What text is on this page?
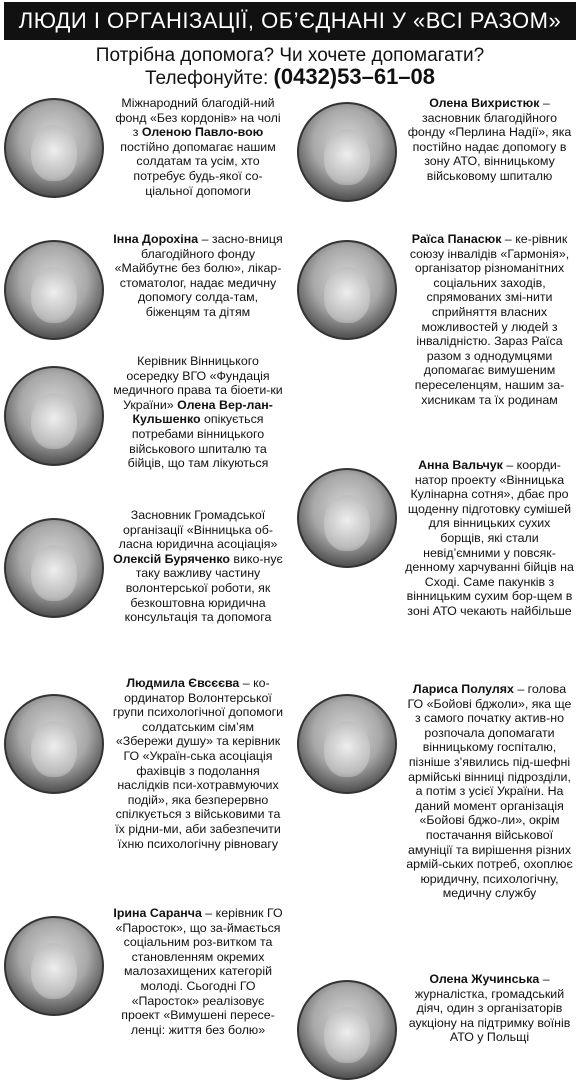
ЛЮДИ І ОРГАНІЗАЦІЇ, ОБ’ЄДНАНІ У «ВСІ РАЗОМ»
Потрібна допомога? Чи хочете допомагати?
Телефонуйте: (0432)53–61–08
Міжнародний благодій-ний фонд «Без кордонів» на чолі з Оленою Павло-вою постійно допомагає нашим солдатам та усім, хто потребує будь-якої со-ціальної допомоги
Інна Дорохіна – засно-вниця благодійного фонду «Майбутнє без болю», лікар-стоматолог, надає медичну допомогу солда-там, біженцям та дітям
Керівник Вінницького осередку ВГО «Фундація медичного права та біоети-ки України» Олена Вер-лан-Кульшенко опікується потребами вінницького військового шпиталю та бійців, що там лікуються
Засновник Громадської організації «Вінницька об-ласна юридична асоціація» Олексій Буряченко вико-нує таку важливу частину волонтерської роботи, як безкоштовна юридична консультація та допомога
Людмила Євсєєва – ко-ординатор Волонтерської групи психологічної допомоги солдатським сім’ям «Збережи душу» та керівник ГО «Україн-ська асоціація фахівців з подолання наслідків пси-хотравмуючих подій», яка безперервно спілкується з військовими та їх рідни-ми, аби забезпечити їхню психологічну рівновагу
Ірина Саранча – керівник ГО «Паросток», що за-ймається соціальним роз-витком та становленням окремих малозахищених категорій молоді. Сьогодні ГО «Паросток» реалізовує проект «Вимушені пересе-ленці: життя без болю»
Олена Вихристюк – засновник благодійного фонду «Перлина Надії», яка постійно надає допомогу в зону АТО, вінницькому військовому шпиталю
Раїса Панасюк – ке-рівник союзу інвалідів «Гармонія», організатор різноманітних соціальних заходів, спрямованих змі-нити сприйняття власних можливостей у людей з інвалідністю. Зараз Раїса разом з однодумцями допомагає вимушеним переселенцям, нашим за-хисникам та їх родинам
Анна Вальчук – коорди-натор проекту «Вінницька Кулінарна сотня», дбає про щоденну підготовку сумішей для вінницьких сухих борщів, які стали невід’ємними у повсяк-денному харчуванні бійців на Сході. Саме пакунків з вінницьким сухим бор-щем в зоні АТО чекають найбільше
Лариса Полулях – голова ГО «Бойові бджоли», яка ще з самого початку актив-но розпочала допомагати вінницькому госпіталю, пізніше з’явились під-шефні армійські вінниці підрозділи, а потім з усієї України. На даний момент організація «Бойові бджо-ли», окрім постачання військової амуніції та вирішення різних армій-ських потреб, охоплює юридичну, психологічну, медичну службу
Олена Жучинська – журналістка, громадський діяч, один з організаторів аукціону на підтримку воїнів АТО у Польщі
